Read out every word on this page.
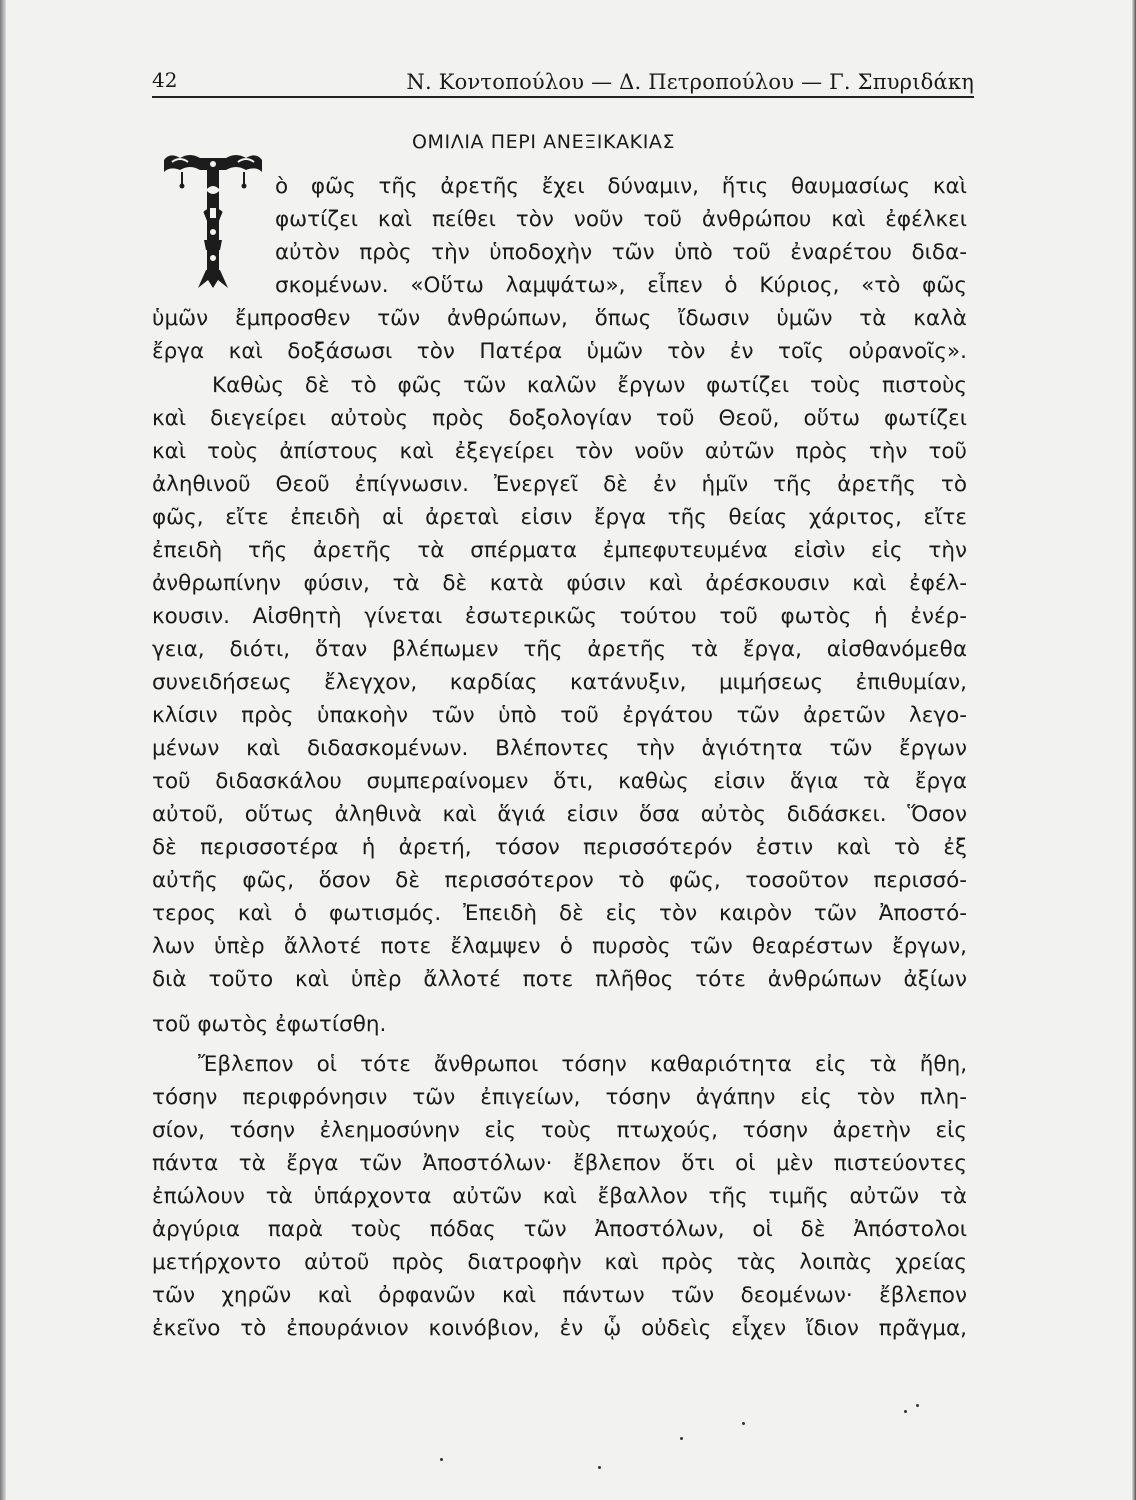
42	Ν. Κοντοπούλου — Δ. Πετροπούλου — Γ. Σπυριδάκη
ΟΜΙΛΙΑ ΠΕΡΙ ΑΝΕΞΙΚΑΚΙΑΣ
ὸ φῶς τῆς ἀρετῆς ἔχει δύναμιν, ἥτις θαυμασίως καὶ
φωτίζει καὶ πείθει τὸν νοῦν τοῦ ἀνθρώπου καὶ ἐφέλκει
αὐτὸν πρὸς τὴν ὑποδοχὴν τῶν ὑπὸ τοῦ ἐναρέτου διδα-
σκομένων. «Οὕτω λαμψάτω», εἶπεν ὁ Κύριος, «τὸ φῶς
ὑμῶν ἔμπροσθεν τῶν ἀνθρώπων, ὅπως ἴδωσιν ὑμῶν τὰ καλὰ
ἔργα καὶ δοξάσωσι τὸν Πατέρα ὑμῶν τὸν ἐν τοῖς οὐρανοῖς».
Καθὼς δὲ τὸ φῶς τῶν καλῶν ἔργων φωτίζει τοὺς πιστοὺς
καὶ διεγείρει αὐτοὺς πρὸς δοξολογίαν τοῦ Θεοῦ, οὕτω φωτίζει
καὶ τοὺς ἀπίστους καὶ ἐξεγείρει τὸν νοῦν αὐτῶν πρὸς τὴν τοῦ
ἀληθινοῦ Θεοῦ ἐπίγνωσιν. Ἐνεργεῖ δὲ ἐν ἡμῖν τῆς ἀρετῆς τὸ
φῶς, εἴτε ἐπειδὴ αἱ ἀρεταὶ εἰσιν ἔργα τῆς θείας χάριτος, εἴτε
ἐπειδὴ τῆς ἀρετῆς τὰ σπέρματα ἐμπεφυτευμένα εἰσὶν εἰς τὴν
ἀνθρωπίνην φύσιν, τὰ δὲ κατὰ φύσιν καὶ ἀρέσκουσιν καὶ ἐφέλ-
κουσιν. Αἰσθητὴ γίνεται ἐσωτερικῶς τούτου τοῦ φωτὸς ἡ ἐνέρ-
γεια, διότι, ὅταν βλέπωμεν τῆς ἀρετῆς τὰ ἔργα, αἰσθανόμεθα
συνειδήσεως ἔλεγχον, καρδίας κατάνυξιν, μιμήσεως ἐπιθυμίαν,
κλίσιν πρὸς ὑπακοὴν τῶν ὑπὸ τοῦ ἐργάτου τῶν ἀρετῶν λεγο-
μένων καὶ διδασκομένων. Βλέποντες τὴν ἁγιότητα τῶν ἔργων
τοῦ διδασκάλου συμπεραίνομεν ὅτι, καθὼς εἰσιν ἅγια τὰ ἔργα
αὐτοῦ, οὕτως ἀληθινὰ καὶ ἅγιά εἰσιν ὅσα αὐτὸς διδάσκει. Ὅσον
δὲ περισσοτέρα ἡ ἀρετή, τόσον περισσότερόν ἐστιν καὶ τὸ ἐξ
αὐτῆς φῶς, ὅσον δὲ περισσότερον τὸ φῶς, τοσοῦτον περισσό-
τερος καὶ ὁ φωτισμός. Ἐπειδὴ δὲ εἰς τὸν καιρὸν τῶν Ἀποστό-
λων ὑπὲρ ἄλλοτέ ποτε ἔλαμψεν ὁ πυρσὸς τῶν θεαρέστων ἔργων,
διὰ τοῦτο καὶ ὑπὲρ ἄλλοτέ ποτε πλῆθος τότε ἀνθρώπων ἀξίων
τοῦ φωτὸς ἐφωτίσθη.
Ἔβλεπον οἱ τότε ἄνθρωποι τόσην καθαριότητα εἰς τὰ ἤθη,
τόσην περιφρόνησιν τῶν ἐπιγείων, τόσην ἀγάπην εἰς τὸν πλη-
σίον, τόσην ἐλεημοσύνην εἰς τοὺς πτωχούς, τόσην ἀρετὴν εἰς
πάντα τὰ ἔργα τῶν Ἀποστόλων· ἔβλεπον ὅτι οἱ μὲν πιστεύοντες
ἐπώλουν τὰ ὑπάρχοντα αὐτῶν καὶ ἔβαλλον τῆς τιμῆς αὐτῶν τὰ
ἀργύρια παρὰ τοὺς πόδας τῶν Ἀποστόλων, οἱ δὲ Ἀπόστολοι
μετήρχοντο αὐτοῦ πρὸς διατροφὴν καὶ πρὸς τὰς λοιπὰς χρείας
τῶν χηρῶν καὶ ὀρφανῶν καὶ πάντων τῶν δεομένων· ἔβλεπον
ἐκεῖνο τὸ ἐπουράνιον κοινόβιον, ἐν ᾧ οὐδεὶς εἶχεν ἴδιον πρᾶγμα,
